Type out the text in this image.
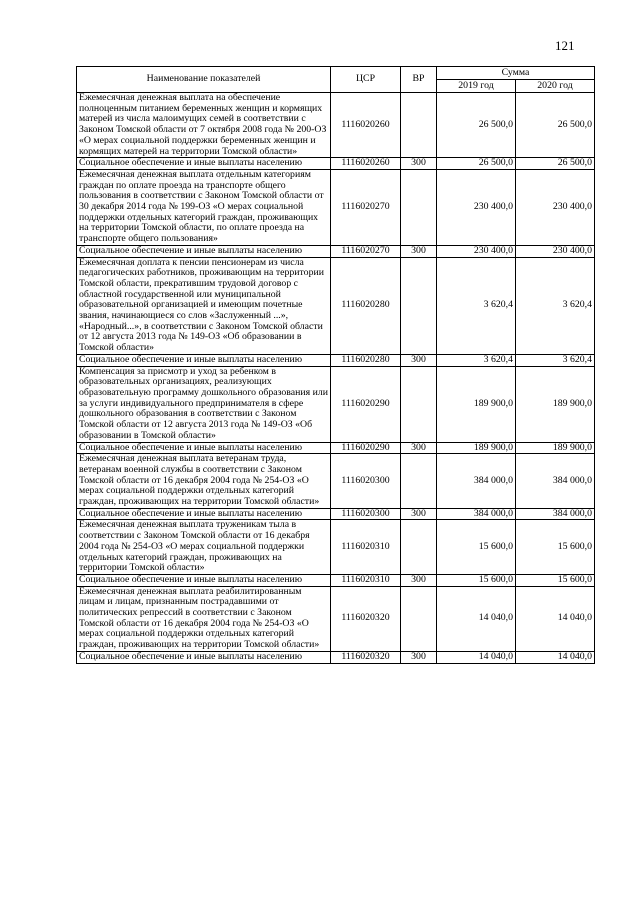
121
Наименование показателей	ЦСР	ВР	Сумма	
			2019 год	2020 год
Ежемесячная денежная выплата на обеспечение полноценным питанием беременных женщин и кормящих матерей из числа малоимущих семей в соответствии с Законом Томской области от 7 октября 2008 года № 200-ОЗ «О мерах социальной поддержки беременных женщин и кормящих матерей на территории Томской области»	1116020260		26 500,0	26 500,0
Социальное обеспечение и иные выплаты населению	1116020260	300	26 500,0	26 500,0
Ежемесячная денежная выплата отдельным категориям граждан по оплате проезда на транспорте общего пользования в соответствии с Законом Томской области от 30 декабря 2014 года № 199-ОЗ «О мерах социальной поддержки отдельных категорий граждан, проживающих на территории Томской области, по оплате проезда на транспорте общего пользования»	1116020270		230 400,0	230 400,0
Социальное обеспечение и иные выплаты населению	1116020270	300	230 400,0	230 400,0
Ежемесячная доплата к пенсии пенсионерам из числа педагогических работников, проживающим на территории Томской области, прекратившим трудовой договор с областной государственной или муниципальной образовательной организацией и имеющим почетные звания, начинающиеся со слов «Заслуженный ...», «Народный...», в соответствии с Законом Томской области от 12 августа 2013 года № 149-ОЗ «Об образовании в Томской области»	1116020280		3 620,4	3 620,4
Социальное обеспечение и иные выплаты населению	1116020280	300	3 620,4	3 620,4
Компенсация за присмотр и уход за ребенком в образовательных организациях, реализующих образовательную программу дошкольного образования или за услуги индивидуального предпринимателя в сфере дошкольного образования в соответствии с Законом Томской области от 12 августа 2013 года № 149-ОЗ «Об образовании в Томской области»	1116020290		189 900,0	189 900,0
Социальное обеспечение и иные выплаты населению	1116020290	300	189 900,0	189 900,0
Ежемесячная денежная выплата ветеранам труда, ветеранам военной службы в соответствии с Законом Томской области от 16 декабря 2004 года № 254-ОЗ «О мерах социальной поддержки отдельных категорий граждан, проживающих на территории Томской области»	1116020300		384 000,0	384 000,0
Социальное обеспечение и иные выплаты населению	1116020300	300	384 000,0	384 000,0
Ежемесячная денежная выплата труженикам тыла в соответствии с Законом Томской области от 16 декабря 2004 года № 254-ОЗ «О мерах социальной поддержки отдельных категорий граждан, проживающих на территории Томской области»	1116020310		15 600,0	15 600,0
Социальное обеспечение и иные выплаты населению	1116020310	300	15 600,0	15 600,0
Ежемесячная денежная выплата реабилитированным лицам и лицам, признанным пострадавшими от политических репрессий в соответствии с Законом Томской области от 16 декабря 2004 года № 254-ОЗ «О мерах социальной поддержки отдельных категорий граждан, проживающих на территории Томской области»	1116020320		14 040,0	14 040,0
Социальное обеспечение и иные выплаты населению	1116020320	300	14 040,0	14 040,0
